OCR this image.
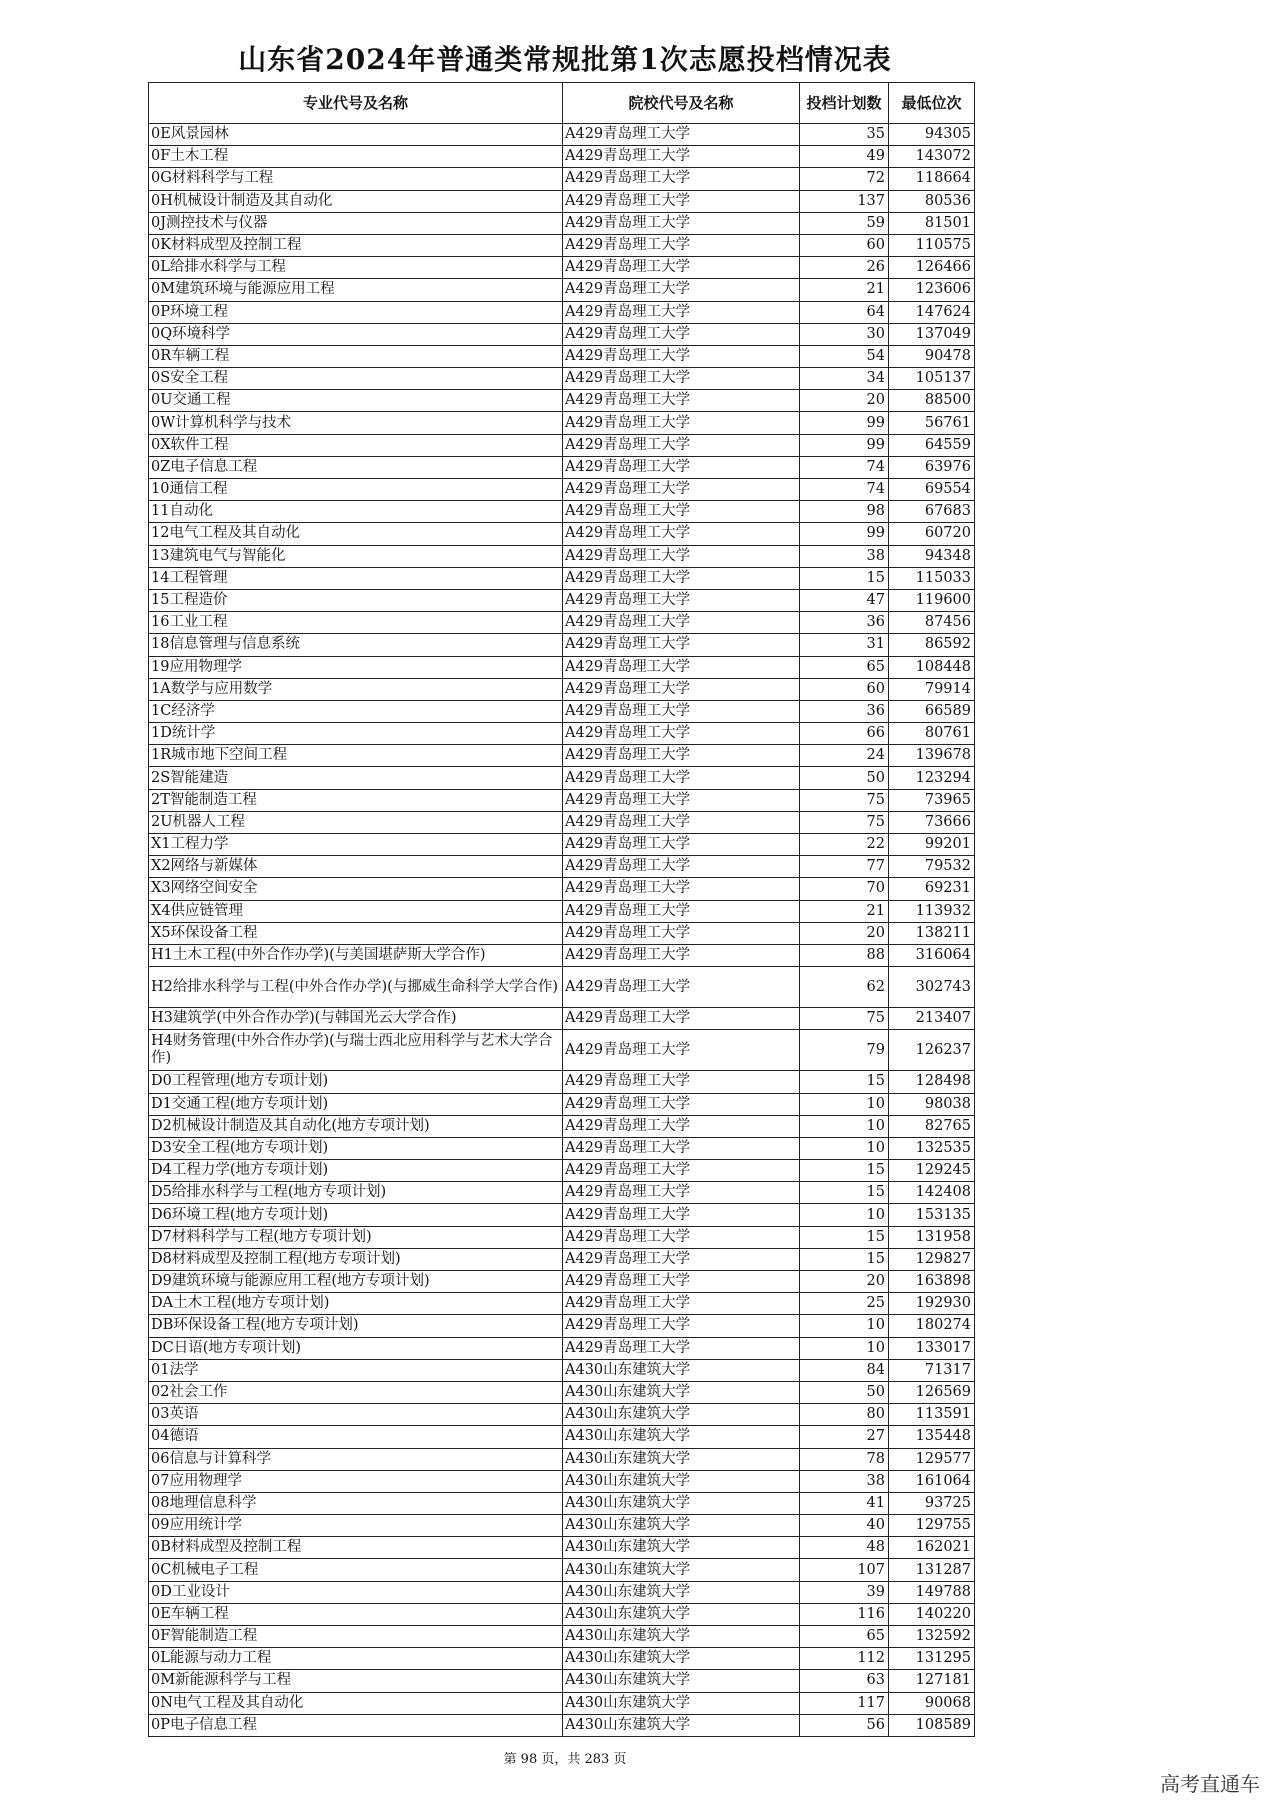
山东省2024年普通类常规批第1次志愿投档情况表
专业代号及名称	院校代号及名称	投档计划数	最低位次
0E风景园林	A429青岛理工大学	35	94305
0F土木工程	A429青岛理工大学	49	143072
0G材料科学与工程	A429青岛理工大学	72	118664
0H机械设计制造及其自动化	A429青岛理工大学	137	80536
0J测控技术与仪器	A429青岛理工大学	59	81501
0K材料成型及控制工程	A429青岛理工大学	60	110575
0L给排水科学与工程	A429青岛理工大学	26	126466
0M建筑环境与能源应用工程	A429青岛理工大学	21	123606
0P环境工程	A429青岛理工大学	64	147624
0Q环境科学	A429青岛理工大学	30	137049
0R车辆工程	A429青岛理工大学	54	90478
0S安全工程	A429青岛理工大学	34	105137
0U交通工程	A429青岛理工大学	20	88500
0W计算机科学与技术	A429青岛理工大学	99	56761
0X软件工程	A429青岛理工大学	99	64559
0Z电子信息工程	A429青岛理工大学	74	63976
10通信工程	A429青岛理工大学	74	69554
11自动化	A429青岛理工大学	98	67683
12电气工程及其自动化	A429青岛理工大学	99	60720
13建筑电气与智能化	A429青岛理工大学	38	94348
14工程管理	A429青岛理工大学	15	115033
15工程造价	A429青岛理工大学	47	119600
16工业工程	A429青岛理工大学	36	87456
18信息管理与信息系统	A429青岛理工大学	31	86592
19应用物理学	A429青岛理工大学	65	108448
1A数学与应用数学	A429青岛理工大学	60	79914
1C经济学	A429青岛理工大学	36	66589
1D统计学	A429青岛理工大学	66	80761
1R城市地下空间工程	A429青岛理工大学	24	139678
2S智能建造	A429青岛理工大学	50	123294
2T智能制造工程	A429青岛理工大学	75	73965
2U机器人工程	A429青岛理工大学	75	73666
X1工程力学	A429青岛理工大学	22	99201
X2网络与新媒体	A429青岛理工大学	77	79532
X3网络空间安全	A429青岛理工大学	70	69231
X4供应链管理	A429青岛理工大学	21	113932
X5环保设备工程	A429青岛理工大学	20	138211
H1土木工程(中外合作办学)(与美国堪萨斯大学合作)	A429青岛理工大学	88	316064
H2给排水科学与工程(中外合作办学)(与挪威生命科学大学合作)	A429青岛理工大学	62	302743
H3建筑学(中外合作办学)(与韩国光云大学合作)	A429青岛理工大学	75	213407
H4财务管理(中外合作办学)(与瑞士西北应用科学与艺术大学合作)	A429青岛理工大学	79	126237
D0工程管理(地方专项计划)	A429青岛理工大学	15	128498
D1交通工程(地方专项计划)	A429青岛理工大学	10	98038
D2机械设计制造及其自动化(地方专项计划)	A429青岛理工大学	10	82765
D3安全工程(地方专项计划)	A429青岛理工大学	10	132535
D4工程力学(地方专项计划)	A429青岛理工大学	15	129245
D5给排水科学与工程(地方专项计划)	A429青岛理工大学	15	142408
D6环境工程(地方专项计划)	A429青岛理工大学	10	153135
D7材料科学与工程(地方专项计划)	A429青岛理工大学	15	131958
D8材料成型及控制工程(地方专项计划)	A429青岛理工大学	15	129827
D9建筑环境与能源应用工程(地方专项计划)	A429青岛理工大学	20	163898
DA土木工程(地方专项计划)	A429青岛理工大学	25	192930
DB环保设备工程(地方专项计划)	A429青岛理工大学	10	180274
DC日语(地方专项计划)	A429青岛理工大学	10	133017
01法学	A430山东建筑大学	84	71317
02社会工作	A430山东建筑大学	50	126569
03英语	A430山东建筑大学	80	113591
04德语	A430山东建筑大学	27	135448
06信息与计算科学	A430山东建筑大学	78	129577
07应用物理学	A430山东建筑大学	38	161064
08地理信息科学	A430山东建筑大学	41	93725
09应用统计学	A430山东建筑大学	40	129755
0B材料成型及控制工程	A430山东建筑大学	48	162021
0C机械电子工程	A430山东建筑大学	107	131287
0D工业设计	A430山东建筑大学	39	149788
0E车辆工程	A430山东建筑大学	116	140220
0F智能制造工程	A430山东建筑大学	65	132592
0L能源与动力工程	A430山东建筑大学	112	131295
0M新能源科学与工程	A430山东建筑大学	63	127181
0N电气工程及其自动化	A430山东建筑大学	117	90068
0P电子信息工程	A430山东建筑大学	56	108589
第 98 页，共 283 页
高考直通车
